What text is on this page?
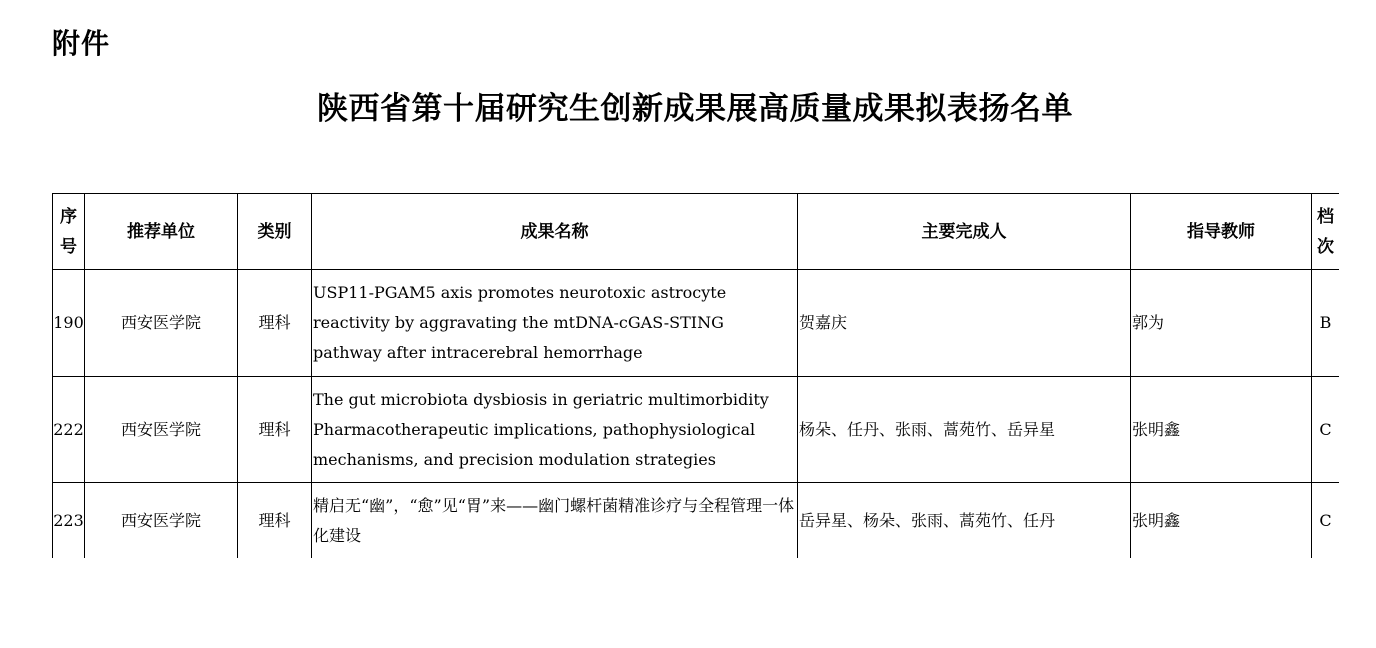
附件
陕西省第十届研究生创新成果展高质量成果拟表扬名单
序号	推荐单位	类别	成果名称	主要完成人	指导教师	档次
190	西安医学院	理科	USP11-PGAM5 axis promotes neurotoxic astrocyte reactivity by aggravating the mtDNA-cGAS-STING pathway after intracerebral hemorrhage	贺嘉庆	郭为	B
222	西安医学院	理科	The gut microbiota dysbiosis in geriatric multimorbidity Pharmacotherapeutic implications, pathophysiological mechanisms, and precision modulation strategies	杨朵、任丹、张雨、蒿苑竹、岳异星	张明鑫	C
223	西安医学院	理科	精启无“幽”，“愈”见“胃”来——幽门螺杆菌精准诊疗与全程管理一体化建设	岳异星、杨朵、张雨、蒿苑竹、任丹	张明鑫	C
